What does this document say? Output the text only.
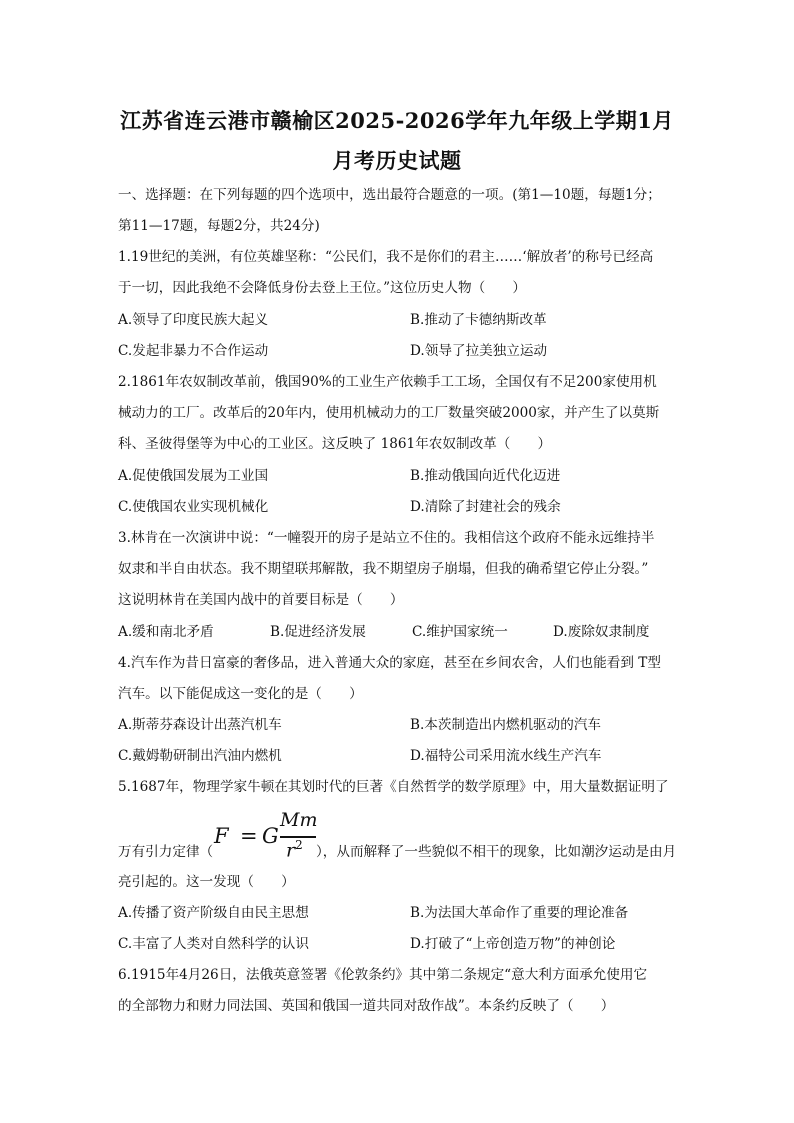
江苏省连云港市赣榆区2025-2026学年九年级上学期1月
月考历史试题
一、选择题：在下列每题的四个选项中，选出最符合题意的一项。(第1—10题，每题1分；
第11—17题，每题2分，共24分)
1.19世纪的美洲，有位英雄坚称：“公民们，我不是你们的君主……‘解放者’的称号已经高
于一切，因此我绝不会降低身份去登上王位。”这位历史人物（　　）
A.领导了印度民族大起义	B.推动了卡德纳斯改革
C.发起非暴力不合作运动	D.领导了拉美独立运动
2.1861年农奴制改革前，俄国90%的工业生产依赖手工工场，全国仅有不足200家使用机
械动力的工厂。改革后的20年内，使用机械动力的工厂数量突破2000家，并产生了以莫斯
科、圣彼得堡等为中心的工业区。这反映了 1861年农奴制改革（　　）
A.促使俄国发展为工业国	B.推动俄国向近代化迈进
C.使俄国农业实现机械化	D.清除了封建社会的残余
3.林肯在一次演讲中说：“一幢裂开的房子是站立不住的。我相信这个政府不能永远维持半
奴隶和半自由状态。我不期望联邦解散，我不期望房子崩塌，但我的确希望它停止分裂。”
这说明林肯在美国内战中的首要目标是（　　）
A.缓和南北矛盾	B.促进经济发展	C.维护国家统一	D.废除奴隶制度
4.汽车作为昔日富豪的奢侈品，进入普通大众的家庭，甚至在乡间农舍，人们也能看到 T型
汽车。以下能促成这一变化的是（　　）
A.斯蒂芬森设计出蒸汽机车	B.本茨制造出内燃机驱动的汽车
C.戴姆勒研制出汽油内燃机	D.福特公司采用流水线生产汽车
5.1687年，物理学家牛顿在其划时代的巨著《自然哲学的数学原理》中，用大量数据证明了
万有引力定律（
F = G
Mm
$r^2$ ），从而解释了一些貌似不相干的现象，比如潮汐运动是由月
亮引起的。这一发现（　　）
A.传播了资产阶级自由民主思想	B.为法国大革命作了重要的理论准备
C.丰富了人类对自然科学的认识	D.打破了“上帝创造万物”的神创论
6.1915年4月26日，法俄英意签署《伦敦条约》其中第二条规定“意大利方面承允使用它
的全部物力和财力同法国、英国和俄国一道共同对敌作战”。本条约反映了（　　）
